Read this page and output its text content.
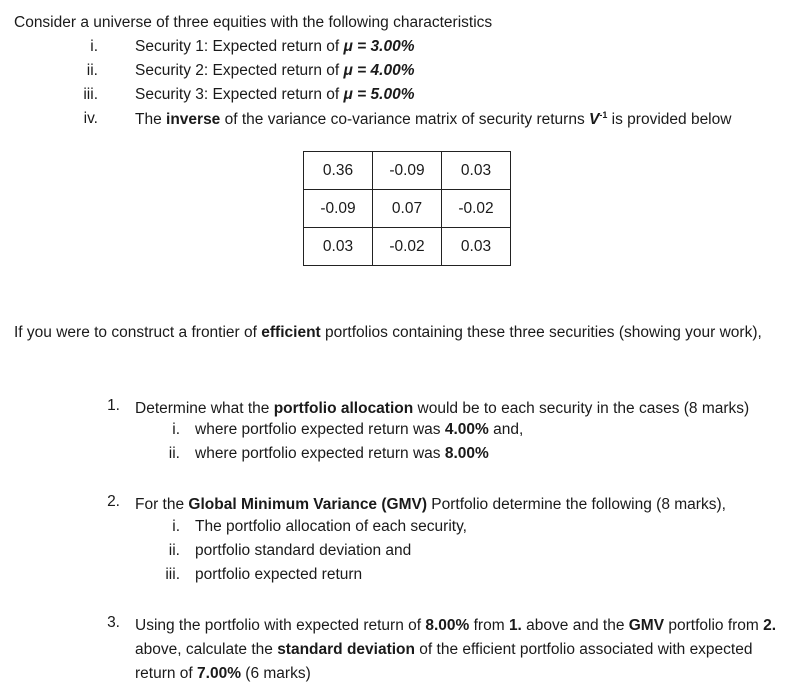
Consider a universe of three equities with the following characteristics
i. Security 1: Expected return of μ = 3.00%
ii. Security 2: Expected return of μ = 4.00%
iii. Security 3: Expected return of μ = 5.00%
iv. The inverse of the variance co-variance matrix of security returns $V^{-1}$ is provided below
0.36	-0.09	0.03
-0.09	0.07	-0.02
0.03	-0.02	0.03
If you were to construct a frontier of efficient portfolios containing these three securities (showing your work),
1. Determine what the portfolio allocation would be to each security in the cases (8 marks)
i. where portfolio expected return was 4.00% and,
ii. where portfolio expected return was 8.00%
2. For the Global Minimum Variance (GMV) Portfolio determine the following (8 marks),
i. The portfolio allocation of each security,
ii. portfolio standard deviation and
iii. portfolio expected return
3. Using the portfolio with expected return of 8.00% from 1. above and the GMV portfolio from 2. above, calculate the standard deviation of the efficient portfolio associated with expected return of 7.00% (6 marks)
